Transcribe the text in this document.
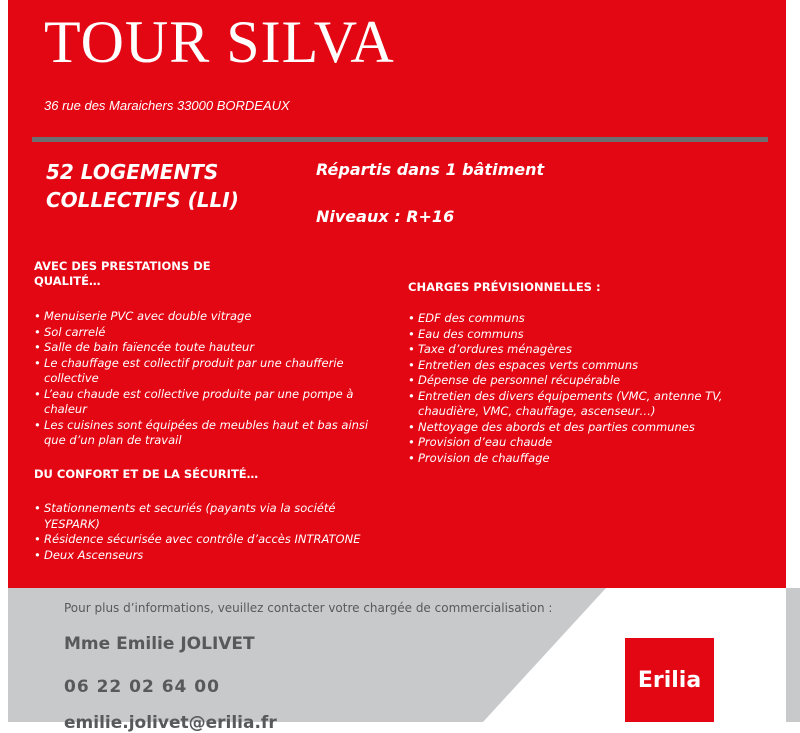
TOUR SILVA
36 rue des Maraichers 33000 BORDEAUX
52 LOGEMENTS COLLECTIFS (LLI)
Répartis dans 1 bâtiment
Niveaux : R+16
AVEC DES PRESTATIONS DE QUALITÉ…
• Menuiserie PVC avec double vitrage
• Sol carrelé
• Salle de bain faïencée toute hauteur
• Le chauffage est collectif produit par une chaufferie collective
• L’eau chaude est collective produite par une pompe à chaleur
• Les cuisines sont équipées de meubles haut et bas ainsi que d’un plan de travail
DU CONFORT ET DE LA SÉCURITÉ…
• Stationnements et securiés (payants via la société YESPARK)
• Résidence sécurisée avec contrôle d’accès INTRATONE
• Deux Ascenseurs
CHARGES PRÉVISIONNELLES :
• EDF des communs
• Eau des communs
• Taxe d’ordures ménagères
• Entretien des espaces verts communs
• Dépense de personnel récupérable
• Entretien des divers équipements (VMC, antenne TV, chaudière, VMC, chauffage, ascenseur…)
• Nettoyage des abords et des parties communes
• Provision d’eau chaude
• Provision de chauffage
Pour plus d’informations, veuillez contacter votre chargée de commercialisation :
Mme Emilie JOLIVET
06 22 02 64 00
emilie.jolivet@erilia.fr
Erilia
